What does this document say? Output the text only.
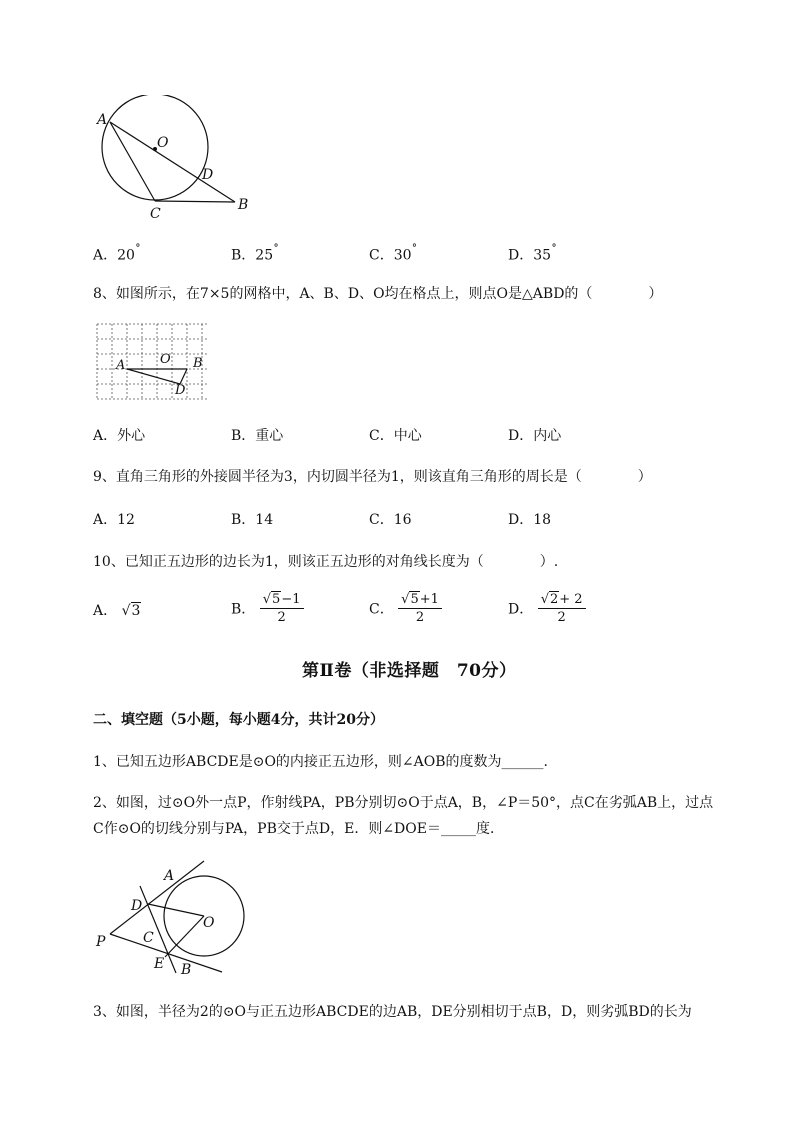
A
O
D
C
B
A．20˚	B．25˚	C．30˚	D．35˚
8、如图所示，在7×5的网格中，A、B、D、O均在格点上，则点O是△ABD的（　　　　）
A	O B
D
A．外心	B．重心	C．中心	D．内心
9、直角三角形的外接圆半径为3，内切圆半径为1，则该直角三角形的周长是（　　　　）
A．12	B．14	C．16	D．18
10、已知正五边形的边长为1，则该正五边形的对角线长度为（　　　　）.
A． √3	B． $\frac{√5-1}{2}$	C． $\frac{√5+1}{2}$	D． $\frac{√2+ 2}{2}$
第Ⅱ卷（非选择题　70分）
二、填空题（5小题，每小题4分，共计20分）
1、已知五边形ABCDE是⊙O的内接正五边形，则∠AOB的度数为______.
2、如图，过⊙O外一点P，作射线PA，PB分别切⊙O于点A，B，∠P＝50°，点C在劣弧AB上，过点
C作⊙O的切线分别与PA，PB交于点D，E．则∠DOE＝_____度．
A
D
O
P	C
E B
3、如图，半径为2的⊙O与正五边形ABCDE的边AB，DE分别相切于点B，D，则劣弧BD的长为
